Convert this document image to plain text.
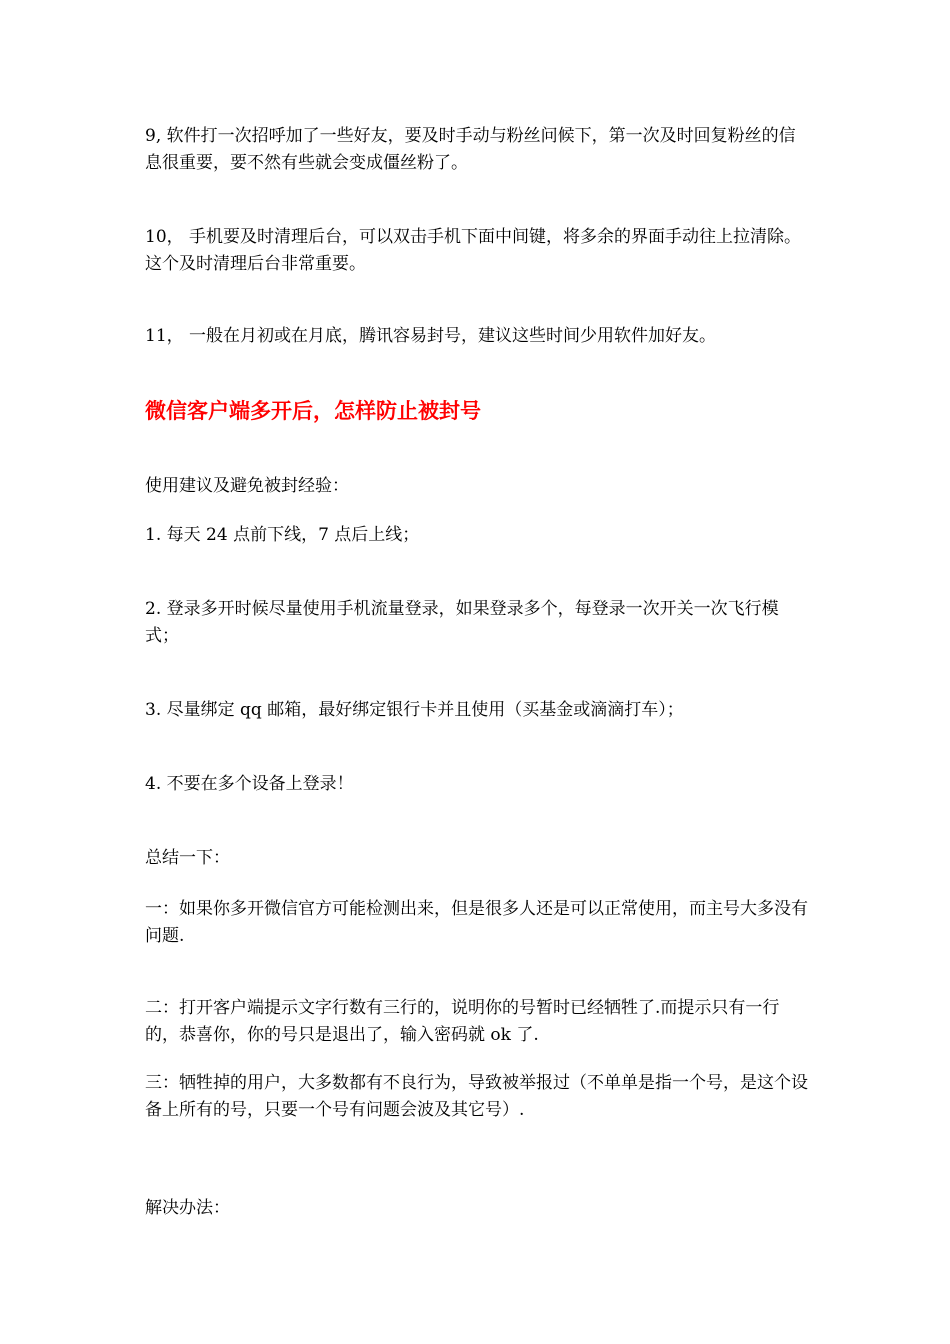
9, 软件打一次招呼加了一些好友，要及时手动与粉丝问候下，第一次及时回复粉丝的信息很重要，要不然有些就会变成僵丝粉了。

10， 手机要及时清理后台，可以双击手机下面中间键，将多余的界面手动往上拉清除。这个及时清理后台非常重要。

11， 一般在月初或在月底，腾讯容易封号，建议这些时间少用软件加好友。

微信客户端多开后，怎样防止被封号

使用建议及避免被封经验：

1. 每天 24 点前下线，7 点后上线；

2. 登录多开时候尽量使用手机流量登录，如果登录多个，每登录一次开关一次飞行模式；

3. 尽量绑定 qq 邮箱，最好绑定银行卡并且使用（买基金或滴滴打车）；

4. 不要在多个设备上登录！

总结一下：

一：如果你多开微信官方可能检测出来，但是很多人还是可以正常使用，而主号大多没有问题.

二：打开客户端提示文字行数有三行的，说明你的号暂时已经牺牲了.而提示只有一行的，恭喜你，你的号只是退出了，输入密码就 ok 了.

三：牺牲掉的用户，大多数都有不良行为，导致被举报过（不单单是指一个号，是这个设备上所有的号，只要一个号有问题会波及其它号）.

解决办法：
